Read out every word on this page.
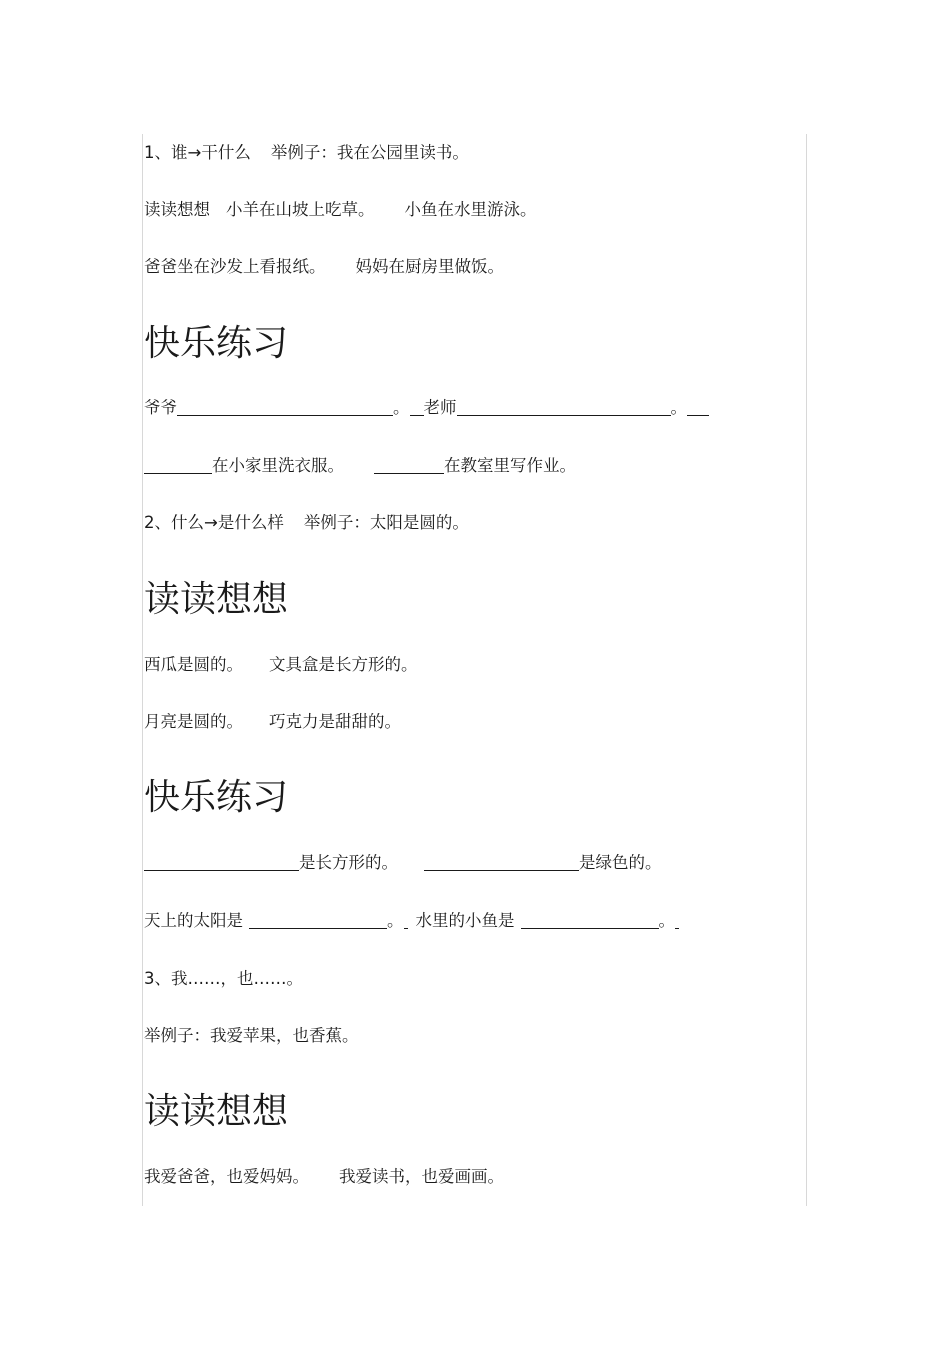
1、谁→干什么 举例子：我在公园里读书。
读读想想 小羊在山坡上吃草。 小鱼在水里游泳。
爸爸坐在沙发上看报纸。 妈妈在厨房里做饭。
快乐练习
爷爷	。 老师	。
在小家里洗衣服。	在教室里写作业。
2、什么→是什么样 举例子：太阳是圆的。
读读想想
西瓜是圆的。 文具盒是长方形的。
月亮是圆的。 巧克力是甜甜的。
快乐练习
是长方形的。	是绿色的。
天上的太阳是	。 水里的小鱼是	。
3、我……，也……。
举例子：我爱苹果，也香蕉。
读读想想
我爱爸爸，也爱妈妈。 我爱读书，也爱画画。
